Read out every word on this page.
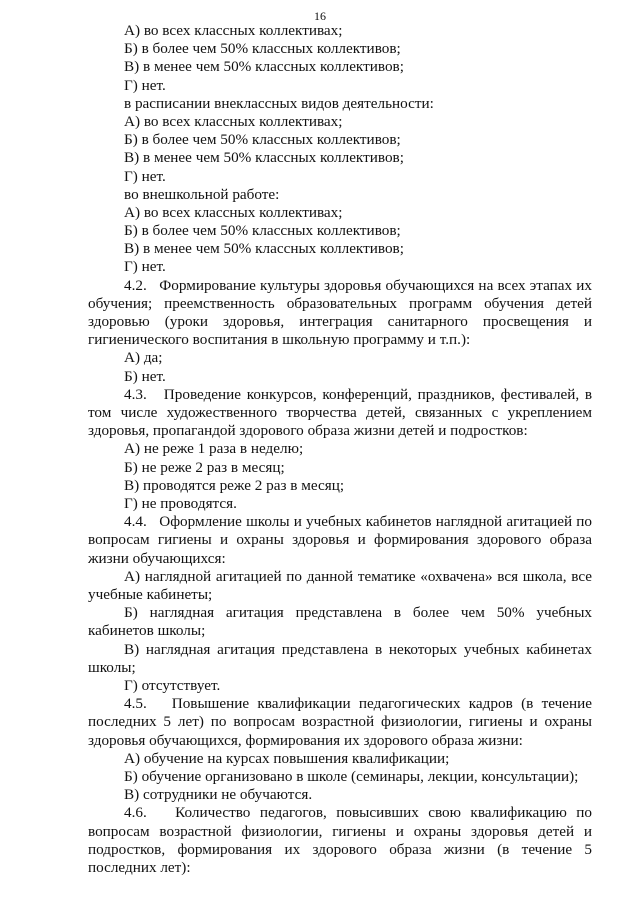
16
А) во всех классных коллективах;
Б) в более чем 50% классных коллективов;
В) в менее чем 50% классных коллективов;
Г) нет.
в расписании внеклассных видов деятельности:
А) во всех классных коллективах;
Б) в более чем 50% классных коллективов;
В) в менее чем 50% классных коллективов;
Г) нет.
во внешкольной работе:
А) во всех классных коллективах;
Б) в более чем 50% классных коллективов;
В) в менее чем 50% классных коллективов;
Г) нет.
4.2.   Формирование культуры здоровья обучающихся на всех этапах их обучения; преемственность образовательных программ обучения детей здоровью (уроки здоровья, интеграция санитарного просвещения и гигиенического воспитания в школьную программу и т.п.):
А) да;
Б) нет.
4.3.   Проведение конкурсов, конференций, праздников, фестивалей, в том числе художественного творчества детей, связанных с укреплением здоровья, пропагандой здорового образа жизни детей и подростков:
А) не реже 1 раза в неделю;
Б) не реже 2 раз в месяц;
В) проводятся реже 2 раз в месяц;
Г) не проводятся.
4.4.   Оформление школы и учебных кабинетов наглядной агитацией по вопросам гигиены и охраны здоровья и формирования здорового образа жизни обучающихся:
А) наглядной агитацией по данной тематике «охвачена» вся школа, все учебные кабинеты;
Б)   наглядная   агитация   представлена   в   более   чем   50%   учебных кабинетов школы;
В) наглядная агитация представлена в некоторых учебных кабинетах школы;
Г) отсутствует.
4.5.   Повышение квалификации педагогических кадров (в течение последних 5 лет) по вопросам возрастной физиологии, гигиены и охраны здоровья обучающихся, формирования их здорового образа жизни:
А) обучение на курсах повышения квалификации;
Б) обучение организовано в школе (семинары, лекции, консультации);
В) сотрудники не обучаются.
4.6.   Количество педагогов, повысивших свою квалификацию по вопросам возрастной физиологии, гигиены и охраны здоровья детей и подростков, формирования их здорового образа жизни (в течение 5 последних лет):
